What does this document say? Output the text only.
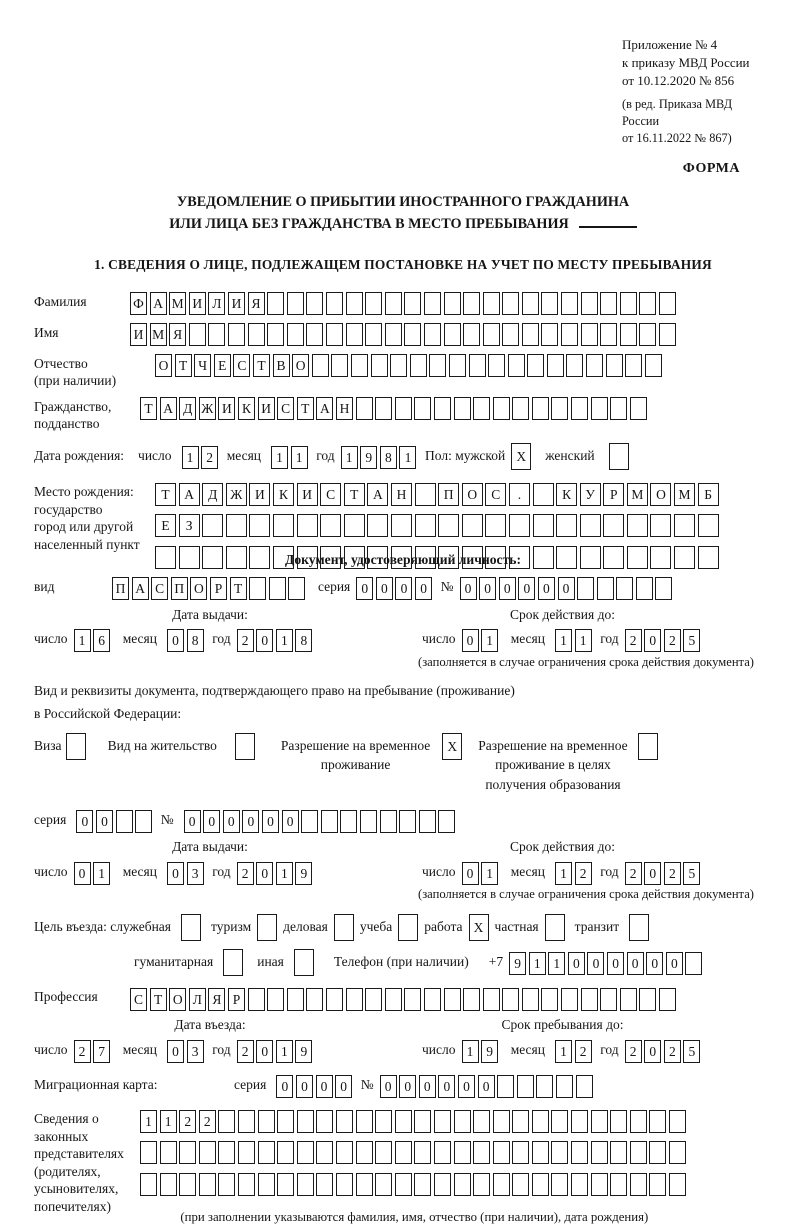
Приложение № 4
к приказу МВД России
от 10.12.2020 № 856
(в ред. Приказа МВД России
от 16.11.2022 № 867)
ФОРМА
УВЕДОМЛЕНИЕ О ПРИБЫТИИ ИНОСТРАННОГО ГРАЖДАНИНА
ИЛИ ЛИЦА БЕЗ ГРАЖДАНСТВА В МЕСТО ПРЕБЫВАНИЯ
1. СВЕДЕНИЯ О ЛИЦЕ, ПОДЛЕЖАЩЕМ ПОСТАНОВКЕ НА УЧЕТ ПО МЕСТУ ПРЕБЫВАНИЯ
Фамилия	Ф А М И Л И Я
Имя	И М Я
Отчество
(при наличии)
О Т Ч Е С Т В О
Гражданство,
подданство
Т А Д Ж И К И С Т А Н
Дата рождения: число	1 2	месяц	1 1	год 1 9 8 1	Пол: мужской X	женский
Место рождения:
государство
город или другой
населенный пункт
Т А Д Ж И К И С Т А Н	П О С .	К У Р М О М Б
Е З
Документ, удостоверяющий личность:
вид	П А С П О Р Т	серия 0 0 0 0	№ 0 0 0 0 0 0
Дата выдачи:
число 1 6	месяц	0 8	год 2 0 1 8
Срок действия до:
число 0 1	месяц	1 1	год 2 0 2 5
(заполняется в случае ограничения срока действия документа)
Вид и реквизиты документа, подтверждающего право на пребывание (проживание)
в Российской Федерации:
Виза	Вид на жительство	Разрешение на временное
проживание
X	Разрешение на временное
проживание в целях
получения образования
серия	0 0	№	0 0 0 0 0 0
Дата выдачи:
число 0 1	месяц	0 3	год 2 0 1 9
Срок действия до:
число 0 1	месяц	1 2	год 2 0 2 5
(заполняется в случае ограничения срока действия документа)
Цель въезда: служебная	туризм деловая учеба работа X частная	транзит
гуманитарная	иная	Телефон (при наличии) +7 9 1 1 0 0 0 0 0 0
Профессия	С Т О Л Я Р
Дата въезда:
число 2 7	месяц	0 3	год 2 0 1 9
Срок пребывания до:
число 1 9	месяц	1 2	год 2 0 2 5
Миграционная карта:	серия	0 0 0 0	№ 0 0 0 0 0 0
Сведения о
законных
представителях
(родителях,
усыновителях,
попечителях)
1 1 2 2
(при заполнении указываются фамилия, имя, отчество (при наличии), дата рождения)
